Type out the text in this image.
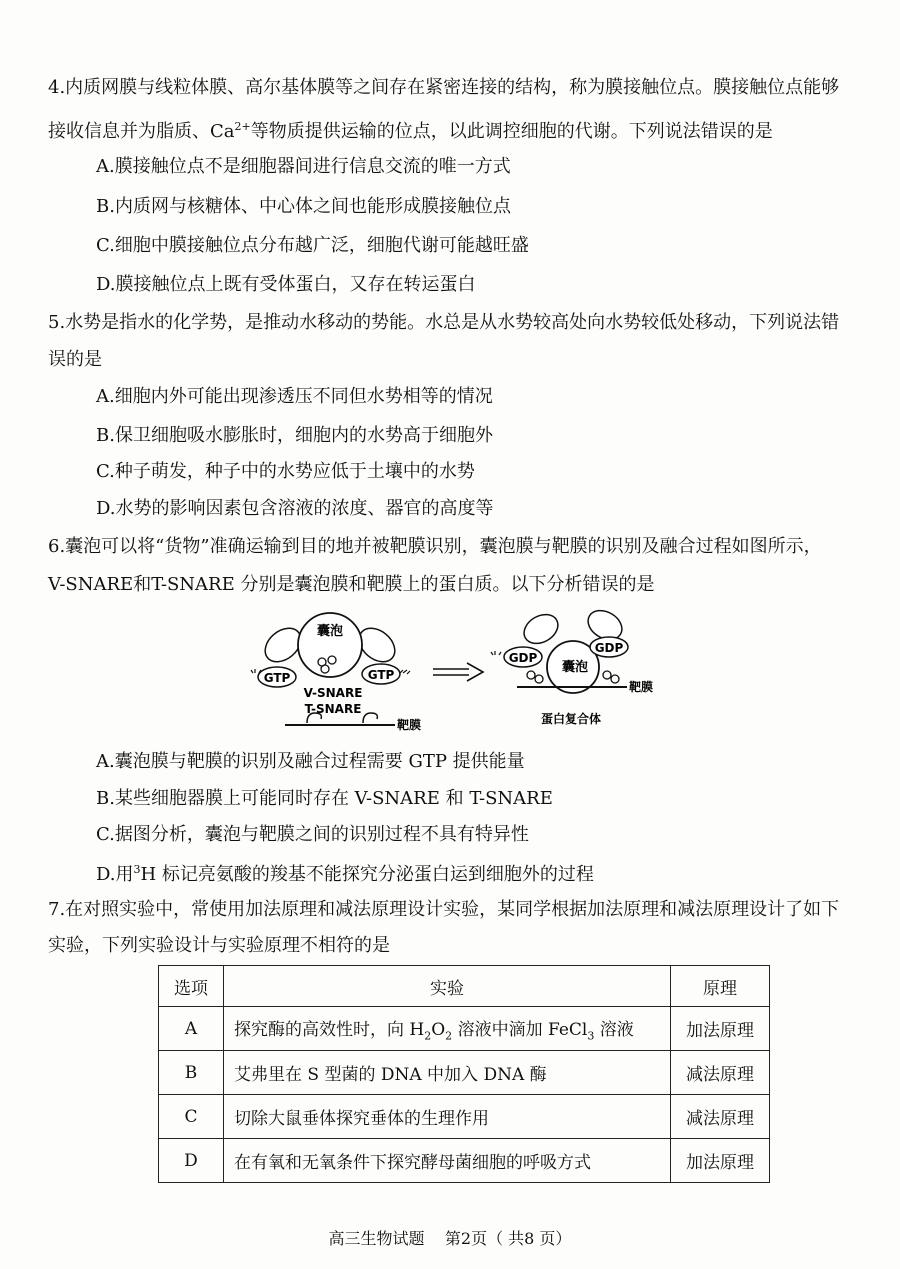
4.内质网膜与线粒体膜、高尔基体膜等之间存在紧密连接的结构，称为膜接触位点。膜接触位点能够
接收信息并为脂质、$Ca^{2+}$等物质提供运输的位点，以此调控细胞的代谢。下列说法错误的是
A.膜接触位点不是细胞器间进行信息交流的唯一方式
B.内质网与核糖体、中心体之间也能形成膜接触位点
C.细胞中膜接触位点分布越广泛，细胞代谢可能越旺盛
D.膜接触位点上既有受体蛋白，又存在转运蛋白
5.水势是指水的化学势，是推动水移动的势能。水总是从水势较高处向水势较低处移动，下列说法错
误的是
A.细胞内外可能出现渗透压不同但水势相等的情况
B.保卫细胞吸水膨胀时，细胞内的水势高于细胞外
C.种子萌发，种子中的水势应低于土壤中的水势
D.水势的影响因素包含溶液的浓度、器官的高度等
6.囊泡可以将“货物”准确运输到目的地并被靶膜识别，囊泡膜与靶膜的识别及融合过程如图所示，
V-SNARE和T-SNARE 分别是囊泡膜和靶膜上的蛋白质。以下分析错误的是
囊泡
GTP	GTP
V-SNARE
T-SNARE
靶膜
囊泡
GDP
GDP
靶膜
蛋白复合体
A.囊泡膜与靶膜的识别及融合过程需要 GTP 提供能量
B.某些细胞器膜上可能同时存在 V-SNARE 和 T-SNARE
C.据图分析，囊泡与靶膜之间的识别过程不具有特异性
D.用$^3$H 标记亮氨酸的羧基不能探究分泌蛋白运到细胞外的过程
7.在对照实验中，常使用加法原理和减法原理设计实验，某同学根据加法原理和减法原理设计了如下
实验，下列实验设计与实验原理不相符的是
选项	实验	原理
A	探究酶的高效性时，向 $H_2O_2$ 溶液中滴加 FeCl$_3$ 溶液	加法原理
B	艾弗里在 S 型菌的 DNA 中加入 DNA 酶	减法原理
C	切除大鼠垂体探究垂体的生理作用	减法原理
D	在有氧和无氧条件下探究酵母菌细胞的呼吸方式	加法原理
高三生物试题    第2页（ 共8 页）
